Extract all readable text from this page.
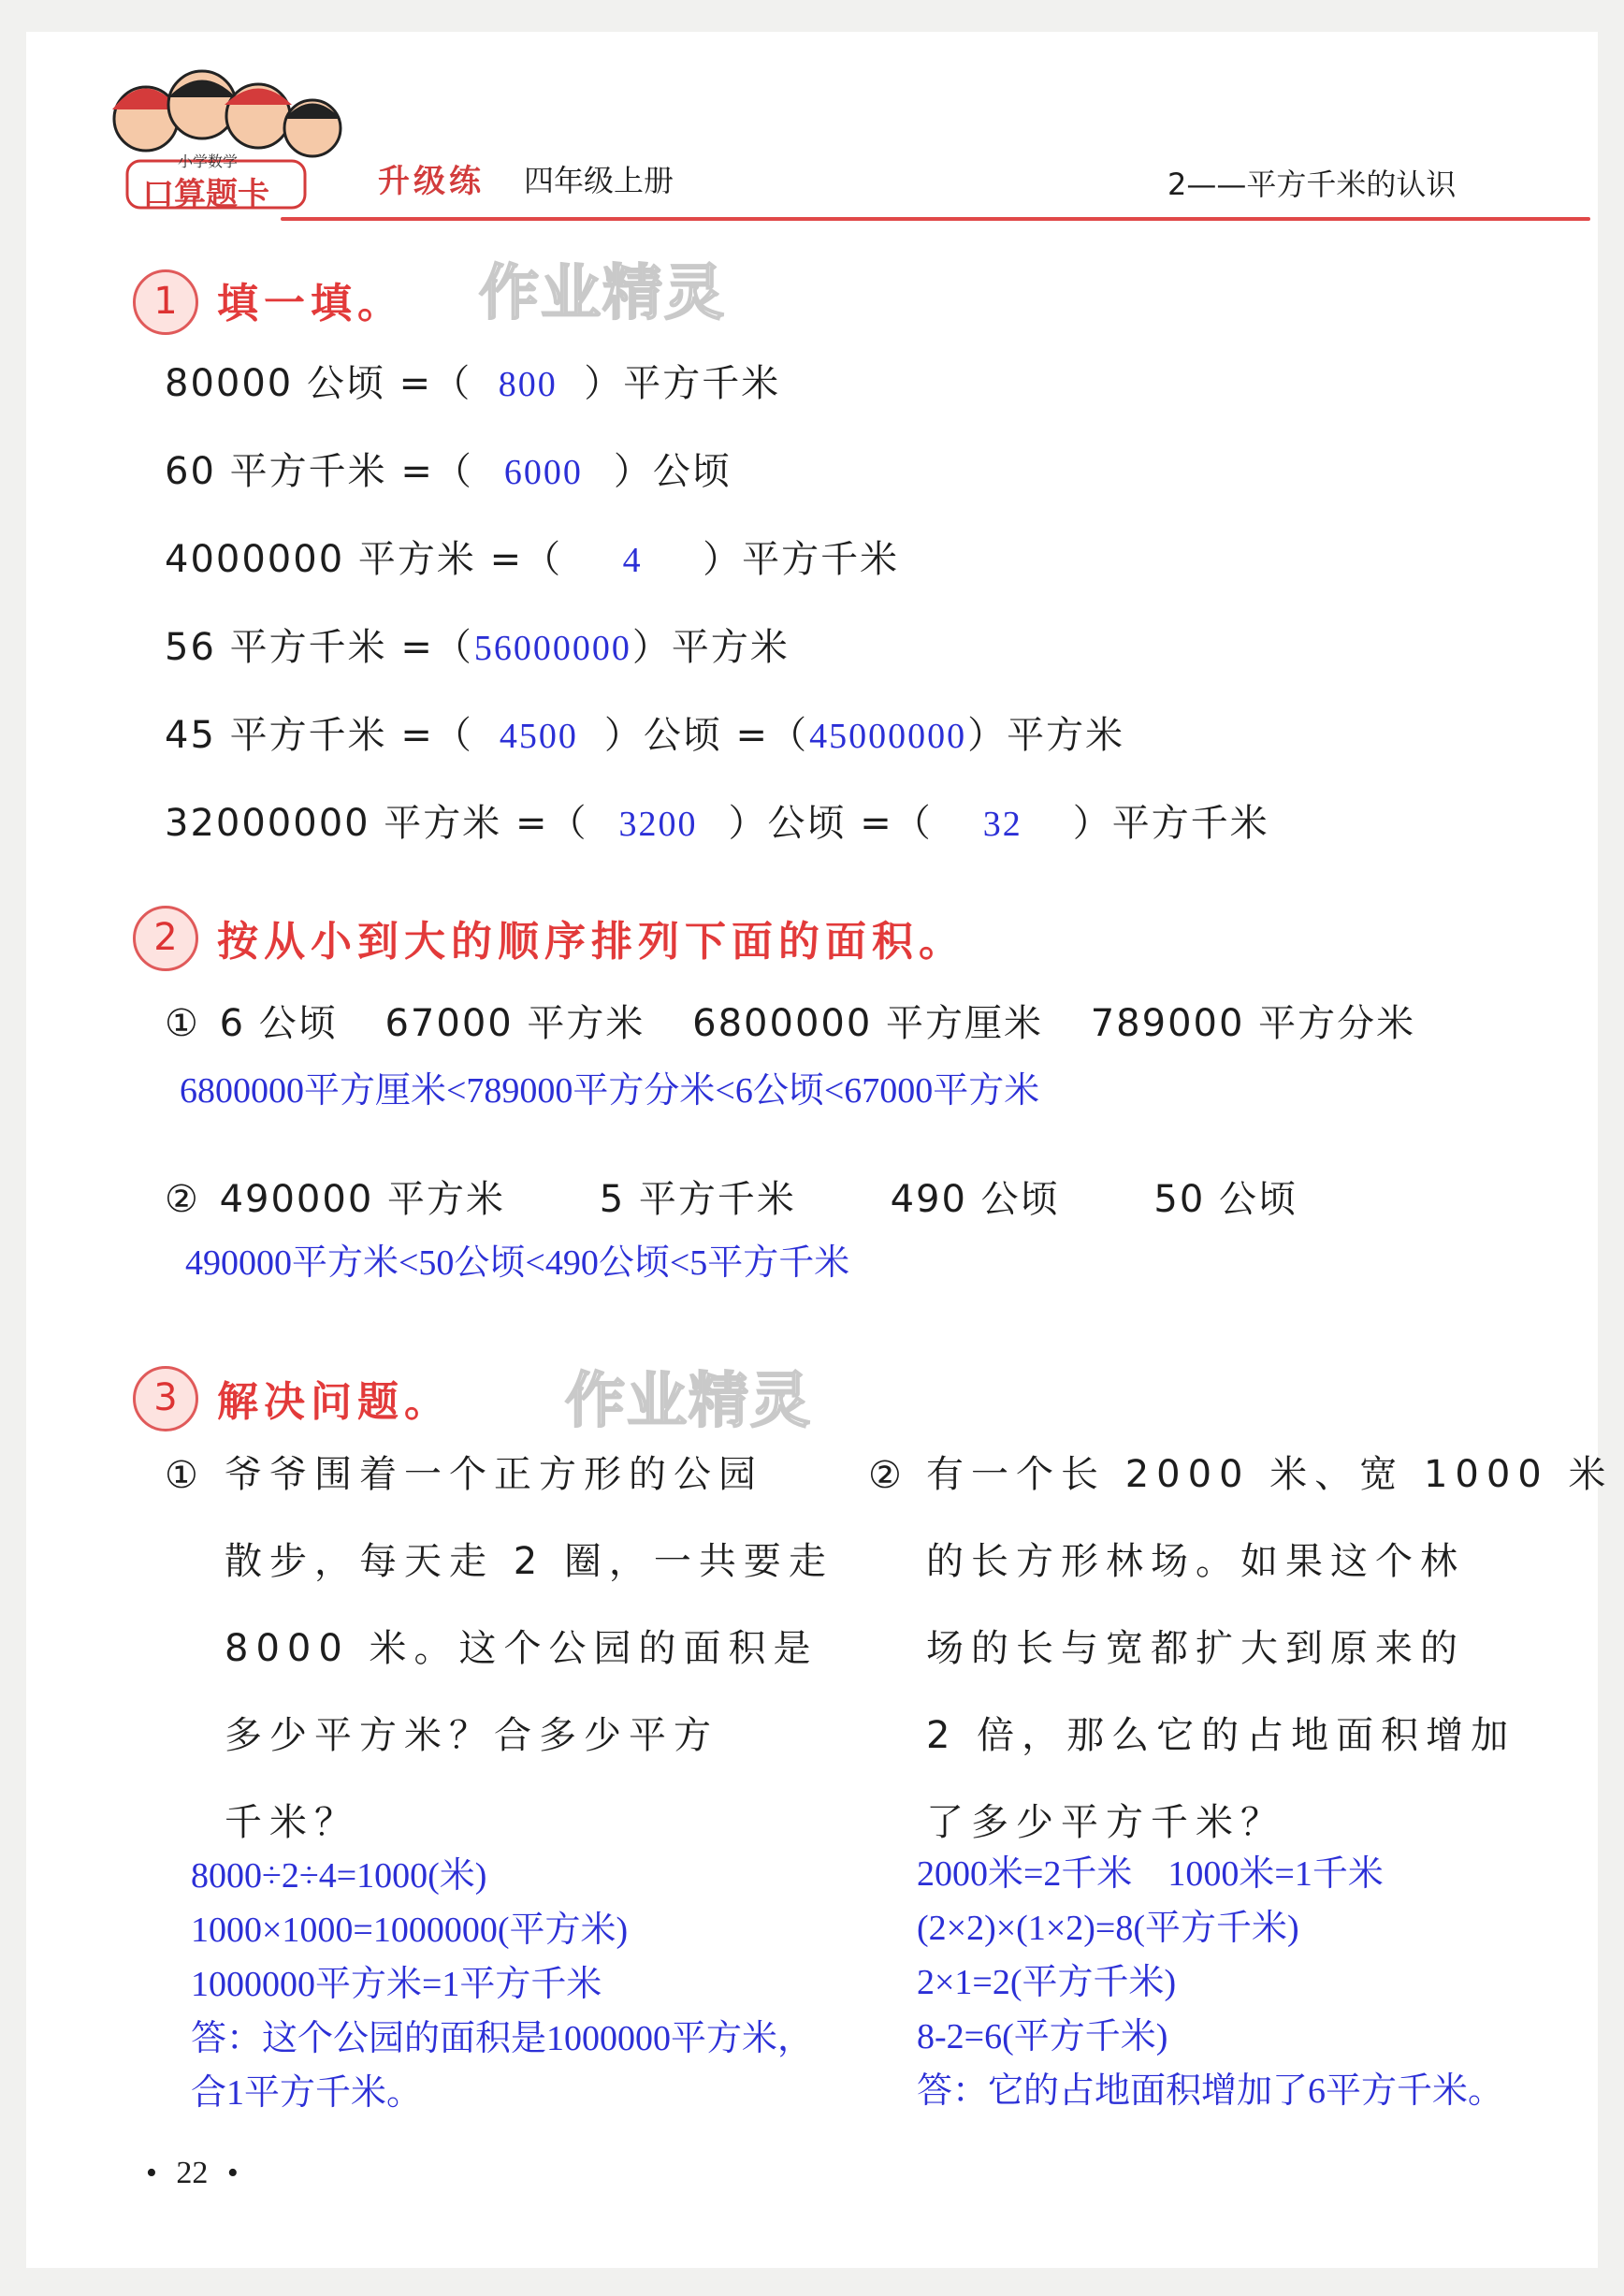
小学数学
口算题卡	升级练 四年级上册	2——平方千米的认识
1 填一填。 作业精灵
80000 公顷 =（ 800 ）平方千米
60 平方千米 =（ 6000 ）公顷
4000000 平方米 =（ 4 ）平方千米
56 平方千米 =（56000000）平方米
45 平方千米 =（ 4500 ）公顷 =（45000000）平方米
32000000 平方米 =（ 3200 ）公顷 =（ 32 ）平方千米
2 按从小到大的顺序排列下面的面积。
① 6 公顷 67000 平方米 6800000 平方厘米 789000 平方分米
6800000平方厘米<789000平方分米<6公顷<67000平方米
② 490000 平方米	5 平方千米	490 公顷	50 公顷
490000平方米<50公顷<490公顷<5平方千米
3 解决问题。 作业精灵
① 爷爷围着一个正方形的公园
散步，每天走 2 圈，一共要走
8000 米。这个公园的面积是
多少平方米？合多少平方
千米？
8000÷2÷4=1000(米)
1000×1000=1000000(平方米)
1000000平方米=1平方千米
答：这个公园的面积是1000000平方米，
合1平方千米。
② 有一个长 2000 米、宽 1000 米
的长方形林场。如果这个林
场的长与宽都扩大到原来的
2 倍，那么它的占地面积增加
了多少平方千米？
2000米=2千米    1000米=1千米
(2×2)×(1×2)=8(平方千米)
2×1=2(平方千米)
8-2=6(平方千米)
答：它的占地面积增加了6平方千米。
• 22 •
